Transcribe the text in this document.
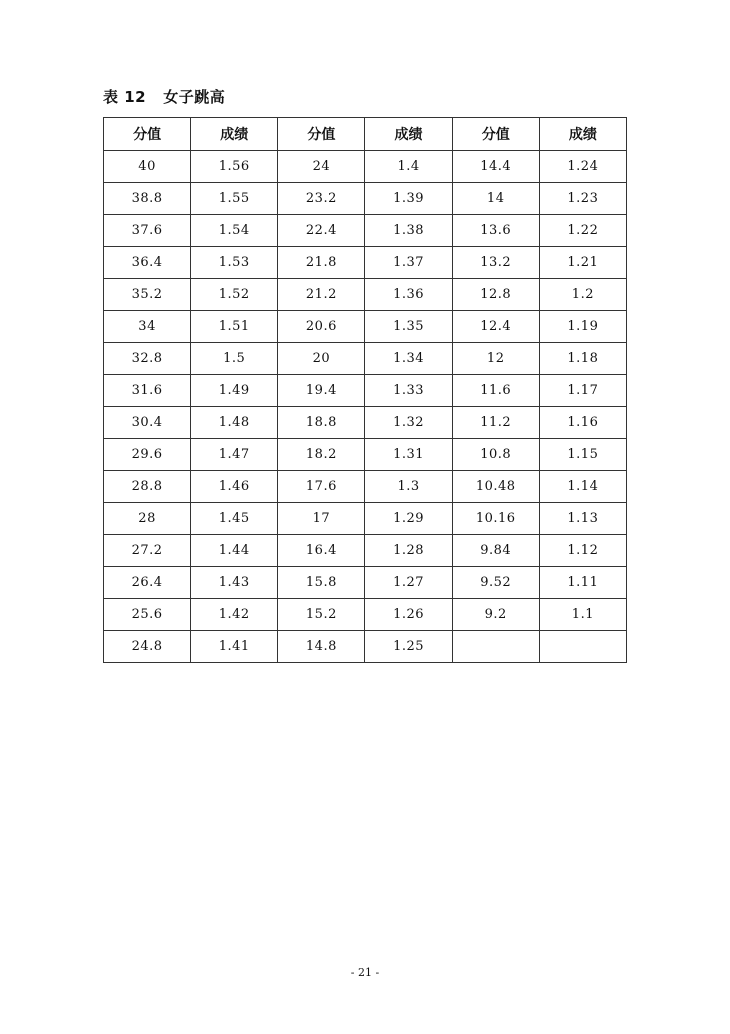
表 12   女子跳高
分值	成绩	分值	成绩	分值	成绩
40	1.56	24	1.4	14.4	1.24
38.8	1.55	23.2	1.39	14	1.23
37.6	1.54	22.4	1.38	13.6	1.22
36.4	1.53	21.8	1.37	13.2	1.21
35.2	1.52	21.2	1.36	12.8	1.2
34	1.51	20.6	1.35	12.4	1.19
32.8	1.5	20	1.34	12	1.18
31.6	1.49	19.4	1.33	11.6	1.17
30.4	1.48	18.8	1.32	11.2	1.16
29.6	1.47	18.2	1.31	10.8	1.15
28.8	1.46	17.6	1.3	10.48	1.14
28	1.45	17	1.29	10.16	1.13
27.2	1.44	16.4	1.28	9.84	1.12
26.4	1.43	15.8	1.27	9.52	1.11
25.6	1.42	15.2	1.26	9.2	1.1
24.8	1.41	14.8	1.25		
- 21 -
